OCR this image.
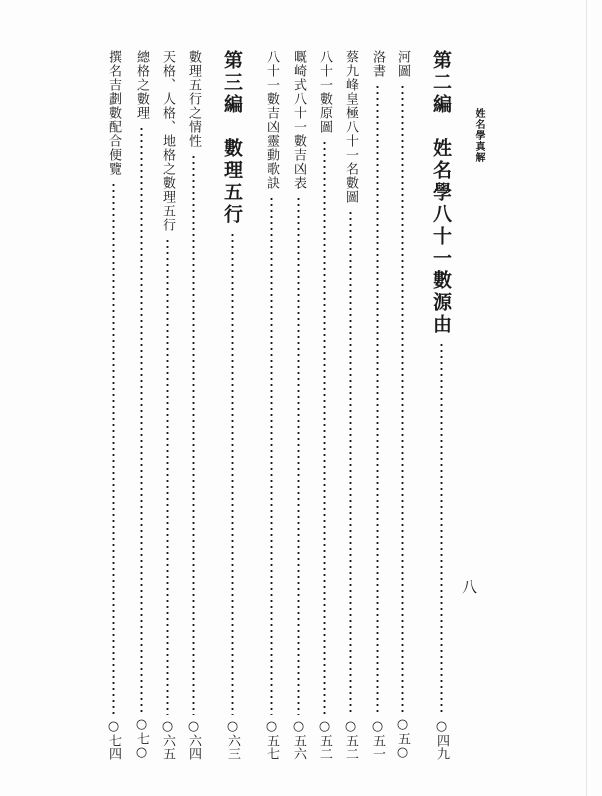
姓名學真解
第二編　姓名學八十一數源由
○四九
河圖
○五○
洛書
○五一
蔡九峰皇極八十一名數圖
○五二
八十一數原圖
○五二
嘅崎式八十一數吉凶表
○五六
八十一數吉凶靈動歌訣
○五七
第三編　數理五行
○六三
數理五行之情性
○六四
天格、人格、地格之數理五行
○六五
總格之數理
○七○
撰名吉劃數配合便覽
○七四
八
